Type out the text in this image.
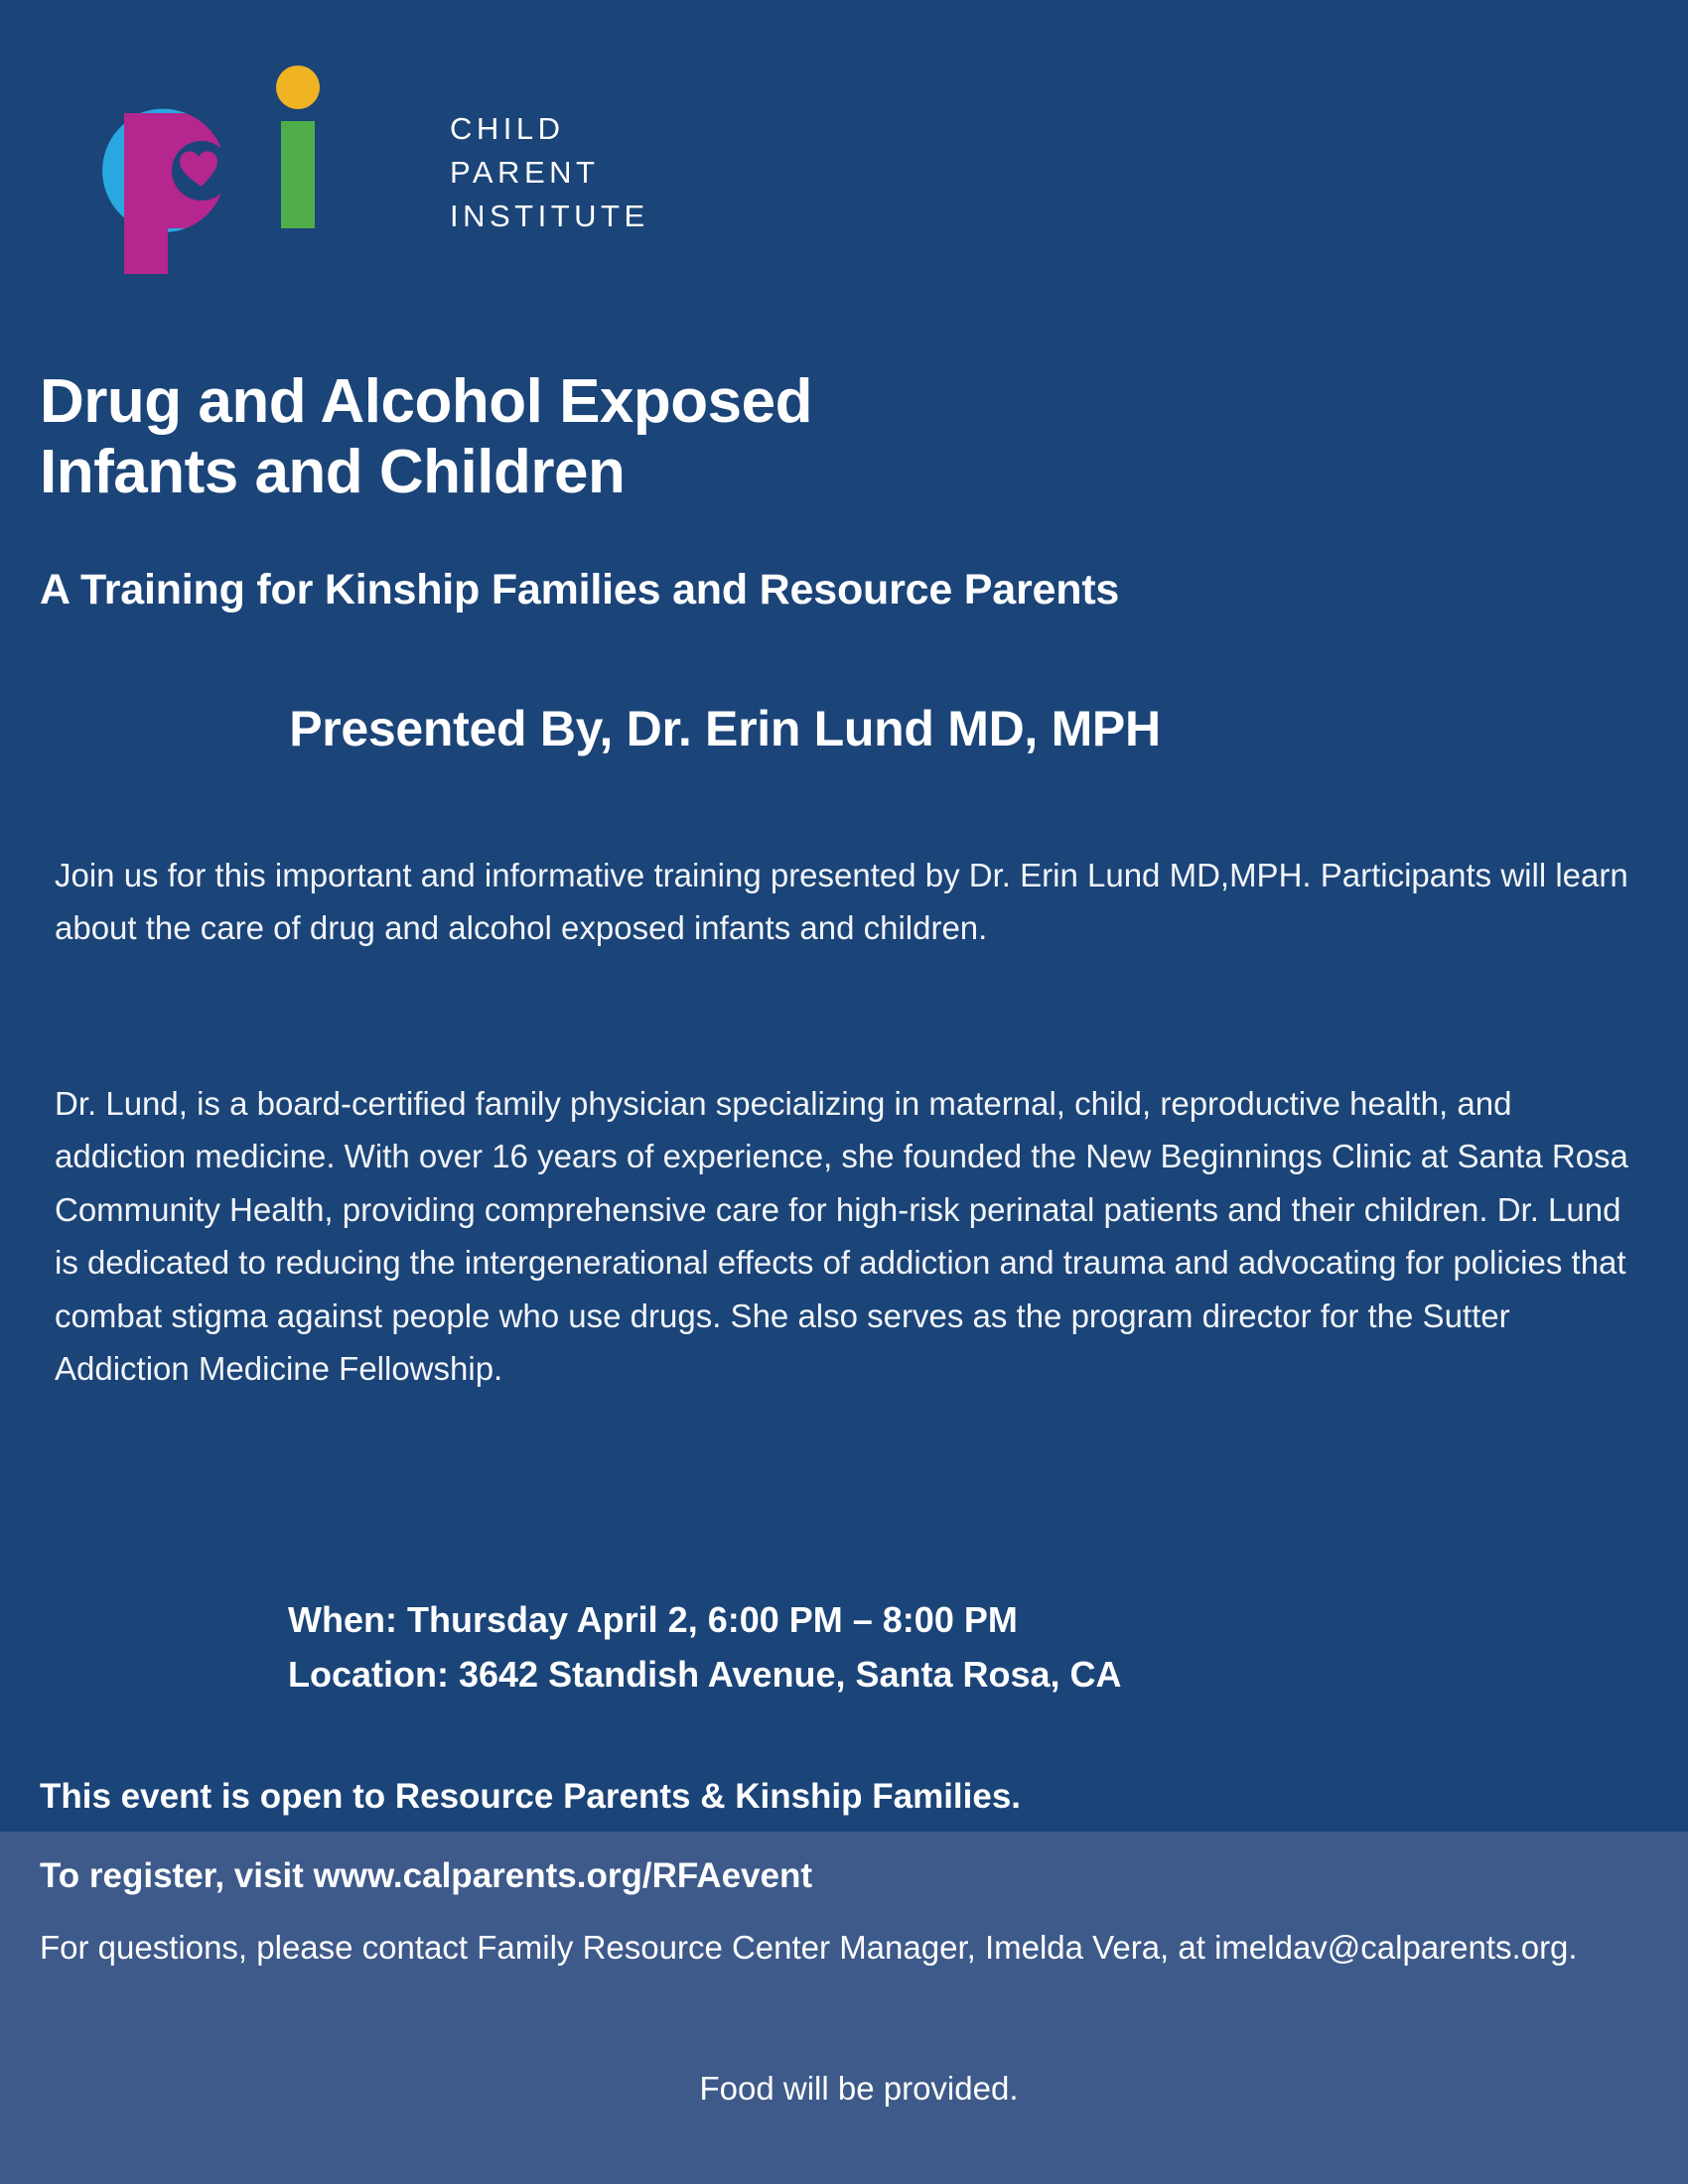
CHILD
PARENT
INSTITUTE
Drug and Alcohol Exposed
Infants and Children
A Training for Kinship Families and Resource Parents
Presented By, Dr. Erin Lund MD, MPH

Join us for this important and informative training presented by Dr. Erin Lund MD,MPH. Participants will learn about the care of drug and alcohol exposed infants and children.

Dr. Lund, is a board-certified family physician specializing in maternal, child, reproductive health, and addiction medicine. With over 16 years of experience, she founded the New Beginnings Clinic at Santa Rosa Community Health, providing comprehensive care for high-risk perinatal patients and their children. Dr. Lund is dedicated to reducing the intergenerational effects of addiction and trauma and advocating for policies that combat stigma against people who use drugs. She also serves as the program director for the Sutter Addiction Medicine Fellowship.

When: Thursday April 2, 6:00 PM – 8:00 PM
Location: 3642 Standish Avenue, Santa Rosa, CA
This event is open to Resource Parents & Kinship Families.
To register, visit www.calparents.org/RFAevent
For questions, please contact Family Resource Center Manager, Imelda Vera, at imeldav@calparents.org.
Food will be provided.
